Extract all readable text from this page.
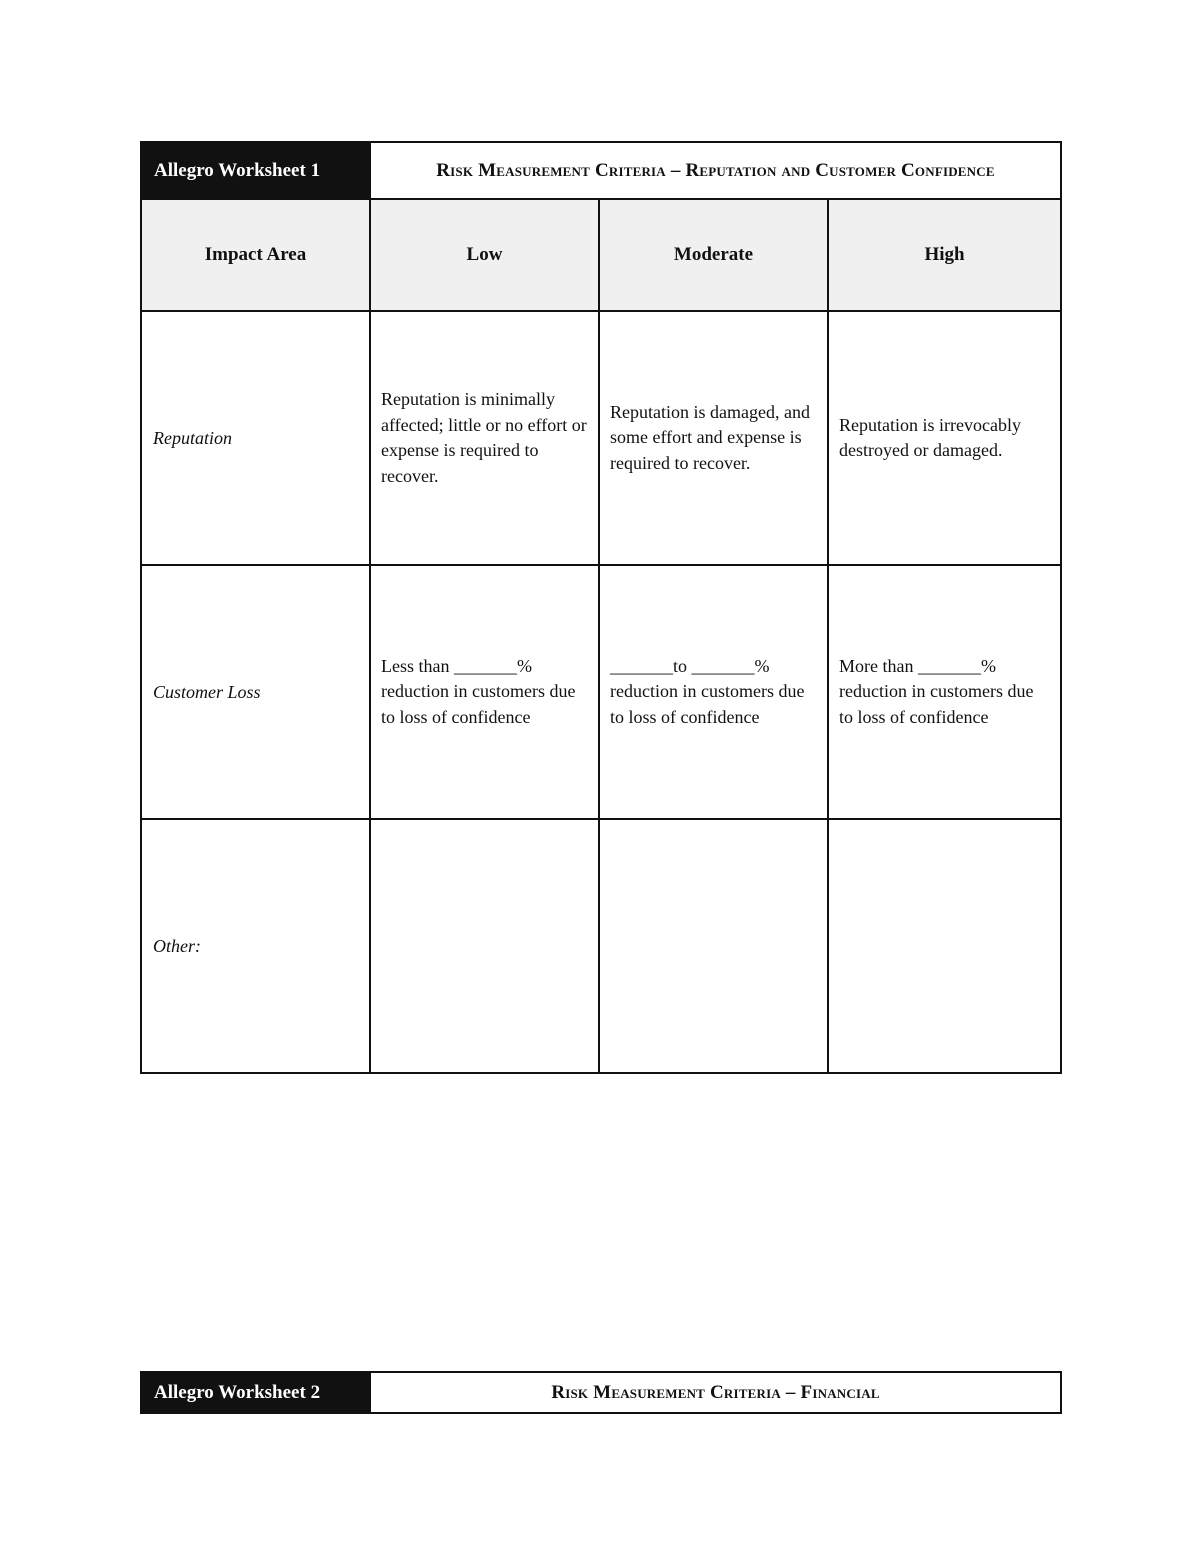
Allegro Worksheet 1	Risk Measurement Criteria – Reputation and Customer Confidence		
Impact Area	Low	Moderate	High
Reputation	Reputation is minimally affected; little or no effort or expense is required to recover.	Reputation is damaged, and some effort and expense is required to recover.	Reputation is irrevocably destroyed or damaged.
Customer Loss	Less than _______% reduction in customers due to loss of confidence	_______to _______% reduction in customers due to loss of confidence	More than _______% reduction in customers due to loss of confidence
Other:			
Allegro Worksheet 2	Risk Measurement Criteria – Financial
